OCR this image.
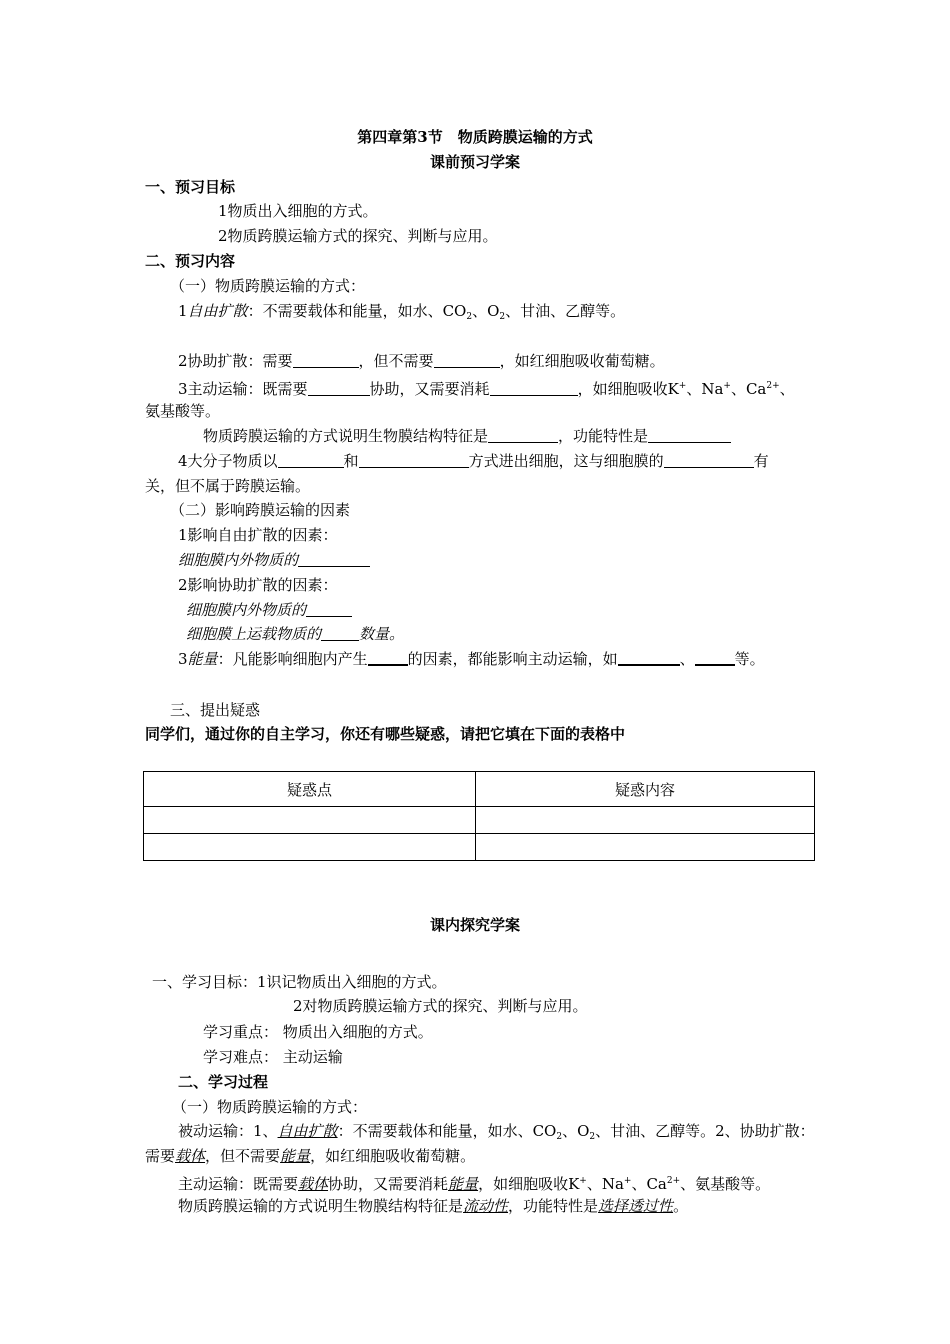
第四章第3节　物质跨膜运输的方式
课前预习学案
一、预习目标
1物质出入细胞的方式。
2物质跨膜运输方式的探究、判断与应用。
二、预习内容
（一）物质跨膜运输的方式：
1自由扩散：不需要载体和能量，如水、$CO_2$、$O_2$、甘油、乙醇等。
2协助扩散：需要	，但不需要	，如红细胞吸收葡萄糖。
3主动运输：既需要	协助，又需要消耗	，如细胞吸收K+、Na+、$Ca^{2+}$、
氨基酸等。
物质跨膜运输的方式说明生物膜结构特征是	，功能特性是
4大分子物质以	和	方式进出细胞，这与细胞膜的	有
关，但不属于跨膜运输。
（二）影响跨膜运输的因素
1影响自由扩散的因素：
细胞膜内外物质的
2影响协助扩散的因素：
细胞膜内外物质的
细胞膜上运载物质的	数量。
3能量：凡能影响细胞内产生	的因素，都能影响主动运输，如	、	等。
三、提出疑惑
同学们，通过你的自主学习，你还有哪些疑惑，请把它填在下面的表格中
疑惑点	疑惑内容

课内探究学案
一、学习目标：1识记物质出入细胞的方式。
2对物质跨膜运输方式的探究、判断与应用。
学习重点： 物质出入细胞的方式。
学习难点： 主动运输
二、学习过程
（一）物质跨膜运输的方式：
被动运输：1、自由扩散：不需要载体和能量，如水、$CO_2$、$O_2$、甘油、乙醇等。2、协助扩散：
需要载体，但不需要能量，如红细胞吸收葡萄糖。
主动运输：既需要载体协助，又需要消耗能量，如细胞吸收K+、Na+、$Ca^{2+}$、氨基酸等。
物质跨膜运输的方式说明生物膜结构特征是流动性，功能特性是选择透过性。
